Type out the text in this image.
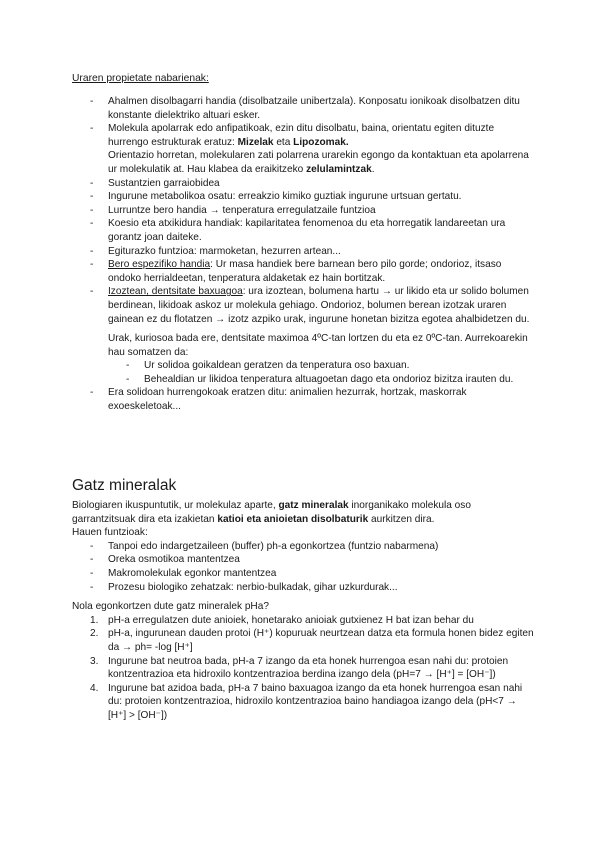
Uraren propietate nabarienak:
- Ahalmen disolbagarri handia (disolbatzaile unibertzala). Konposatu ionikoak disolbatzen ditu konstante dielektriko altuari esker.
- Molekula apolarrak edo anfipatikoak, ezin ditu disolbatu, baina, orientatu egiten dituzte hurrengo estrukturak eratuz: Mizelak eta Lipozomak.
Orientazio horretan, molekularen zati polarrena urarekin egongo da kontaktuan eta apolarrena ur molekulatik at. Hau klabea da eraikitzeko zelulamintzak.
- Sustantzien garraiobidea
- Ingurune metabolikoa osatu: erreakzio kimiko guztiak ingurune urtsuan gertatu.
- Lurruntze bero handia → tenperatura erregulatzaile funtzioa
- Koesio eta atxikidura handiak: kapilaritatea fenomenoa du eta horregatik landareetan ura gorantz joan daiteke.
- Egiturazko funtzioa: marmoketan, hezurren artean...
- Bero espezifiko handia: Ur masa handiek bere barnean bero pilo gorde; ondorioz, itsaso ondoko herrialdeetan, tenperatura aldaketak ez hain bortitzak.
- Izoztean, dentsitate baxuagoa: ura izoztean, bolumena hartu → ur likido eta ur solido bolumen berdinean, likidoak askoz ur molekula gehiago. Ondorioz, bolumen berean izotzak uraren gainean ez du flotatzen → izotz azpiko urak, ingurune honetan bizitza egotea ahalbidetzen du.

Urak, kuriosoa bada ere, dentsitate maximoa 4ºC-tan lortzen du eta ez 0ºC-tan. Aurrekoarekin hau somatzen da:

- Ur solidoa goikaldean geratzen da tenperatura oso baxuan.
- Behealdian ur likidoa tenperatura altuagoetan dago eta ondorioz bizitza irauten du.
- Era solidoan hurrengokoak eratzen ditu: animalien hezurrak, hortzak, maskorrak exoeskeletoak...
Gatz mineralak

Biologiaren ikuspuntutik, ur molekulaz aparte, gatz mineralak inorganikako molekula oso garrantzitsuak dira eta izakietan katioi eta anioietan disolbaturik aurkitzen dira.

Hauen funtzioak:

- Tanpoi edo indargetzaileen (buffer) ph-a egonkortzea (funtzio nabarmena)
- Oreka osmotikoa mantentzea
- Makromolekulak egonkor mantentzea
- Prozesu biologiko zehatzak: nerbio-bulkadak, gihar uzkurdurak...

Nola egonkortzen dute gatz mineralek pHa?

1. pH-a erregulatzen dute anioiek, honetarako anioiak gutxienez H bat izan behar du
2. pH-a, ingurunean dauden protoi (H⁺) kopuruak neurtzean datza eta formula honen bidez egiten da → ph= -log [H⁺]
3. Ingurune bat neutroa bada, pH-a 7 izango da eta honek hurrengoa esan nahi du: protoien kontzentrazioa eta hidroxilo kontzentrazioa berdina izango dela (pH=7 → [H⁺] = [OH⁻])
4. Ingurune bat azidoa bada, pH-a 7 baino baxuagoa izango da eta honek hurrengoa esan nahi du: protoien kontzentrazioa, hidroxilo kontzentrazioa baino handiagoa izango dela (pH<7 → [H⁺] > [OH⁻])
